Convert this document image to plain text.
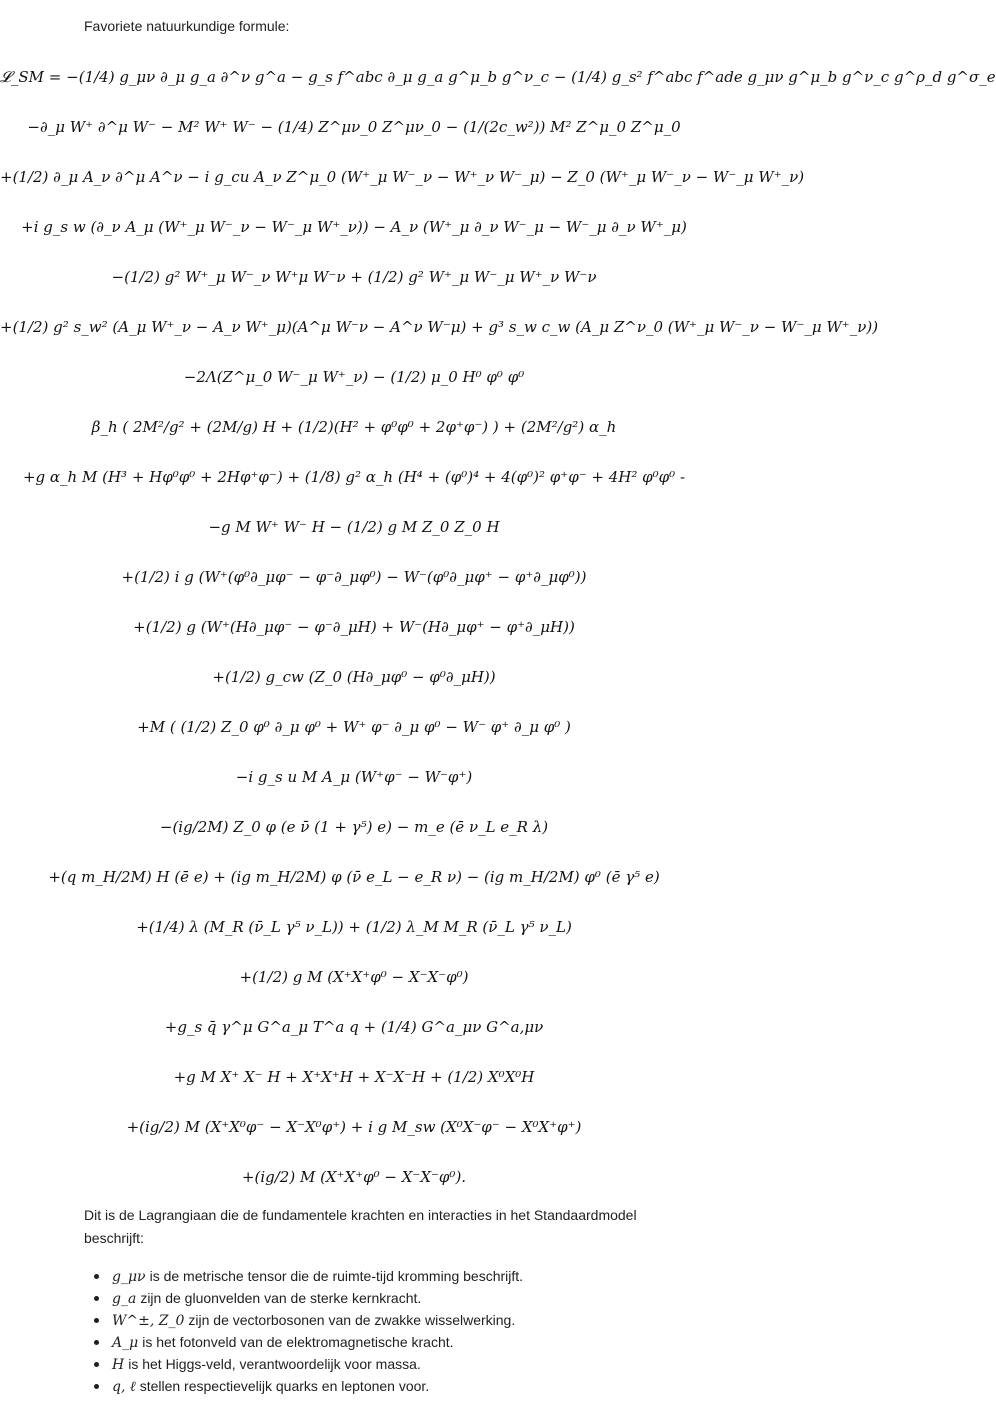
Favoriete natuurkundige formule:
𝓛_SM = −(1/4) g_μν ∂_μ g_a ∂^ν g^a − g_s f^abc ∂_μ g_a g^μ_b g^ν_c − (1/4) g_s² f^abc f^ade g_μν g^μ_b g^ν_c g^ρ_d g^σ_e
−∂_μ W⁺ ∂^μ W⁻ − M² W⁺ W⁻ − (1/4) Z^μν_0 Z^μν_0 − (1/(2c_w²)) M² Z^μ_0 Z^μ_0
+(1/2) ∂_μ A_ν ∂^μ A^ν − i g_cu A_ν Z^μ_0 (W⁺_μ W⁻_ν − W⁺_ν W⁻_μ) − Z_0 (W⁺_μ W⁻_ν − W⁻_μ W⁺_ν)
+i g_s w (∂_ν A_μ (W⁺_μ W⁻_ν − W⁻_μ W⁺_ν)) − A_ν (W⁺_μ ∂_ν W⁻_μ − W⁻_μ ∂_ν W⁺_μ)
−(1/2) g² W⁺_μ W⁻_ν W⁺μ W⁻ν + (1/2) g² W⁺_μ W⁻_μ W⁺_ν W⁻ν
+(1/2) g² s_w² (A_μ W⁺_ν − A_ν W⁺_μ)(A^μ W⁻ν − A^ν W⁻μ) + g³ s_w c_w (A_μ Z^ν_0 (W⁺_μ W⁻_ν − W⁻_μ W⁺_ν))
−2Λ(Z^μ_0 W⁻_μ W⁺_ν) − (1/2) μ_0 H⁰ φ⁰ φ⁰
β_h ( 2M²/g² + (2M/g) H + (1/2)(H² + φ⁰φ⁰ + 2φ⁺φ⁻) ) + (2M²/g²) α_h
+g α_h M (H³ + Hφ⁰φ⁰ + 2Hφ⁺φ⁻) + (1/8) g² α_h (H⁴ + (φ⁰)⁴ + 4(φ⁰)² φ⁺φ⁻ + 4H² φ⁰φ⁰ -
−g M W⁺ W⁻ H − (1/2) g M Z_0 Z_0 H
+(1/2) i g (W⁺(φ⁰∂_μφ⁻ − φ⁻∂_μφ⁰) − W⁻(φ⁰∂_μφ⁺ − φ⁺∂_μφ⁰))
+(1/2) g (W⁺(H∂_μφ⁻ − φ⁻∂_μH) + W⁻(H∂_μφ⁺ − φ⁺∂_μH))
+(1/2) g_cw (Z_0 (H∂_μφ⁰ − φ⁰∂_μH))
+M ( (1/2) Z_0 φ⁰ ∂_μ φ⁰ + W⁺ φ⁻ ∂_μ φ⁰ − W⁻ φ⁺ ∂_μ φ⁰ )
−i g_s u M A_μ (W⁺φ⁻ − W⁻φ⁺)
−(ig/2M) Z_0 φ (e ν̄ (1 + γ⁵) e) − m_e (ē ν_L e_R λ)
+(q m_H/2M) H (ē e) + (ig m_H/2M) φ (ν̄ e_L − e_R ν) − (ig m_H/2M) φ⁰ (ē γ⁵ e)
+(1/4) λ (M_R (ν̄_L γ⁵ ν_L)) + (1/2) λ_M M_R (ν̄_L γ⁵ ν_L)
+(1/2) g M (X⁺X⁺φ⁰ − X⁻X⁻φ⁰)
+g_s q̄ γ^μ G^a_μ T^a q + (1/4) G^a_μν G^a,μν
+g M X⁺ X⁻ H + X⁺X⁺H + X⁻X⁻H + (1/2) X⁰X⁰H
+(ig/2) M (X⁺X⁰φ⁻ − X⁻X⁰φ⁺) + i g M_sw (X⁰X⁻φ⁻ − X⁰X⁺φ⁺)
+(ig/2) M (X⁺X⁺φ⁰ − X⁻X⁻φ⁰).
Dit is de Lagrangiaan die de fundamentele krachten en interacties in het Standaardmodel beschrijft:
g_μν is de metrische tensor die de ruimte-tijd kromming beschrijft.
g_a zijn de gluonvelden van de sterke kernkracht.
W^±, Z_0 zijn de vectorbosonen van de zwakke wisselwerking.
A_μ is het fotonveld van de elektromagnetische kracht.
H is het Higgs-veld, verantwoordelijk voor massa.
q, ℓ stellen respectievelijk quarks en leptonen voor.
